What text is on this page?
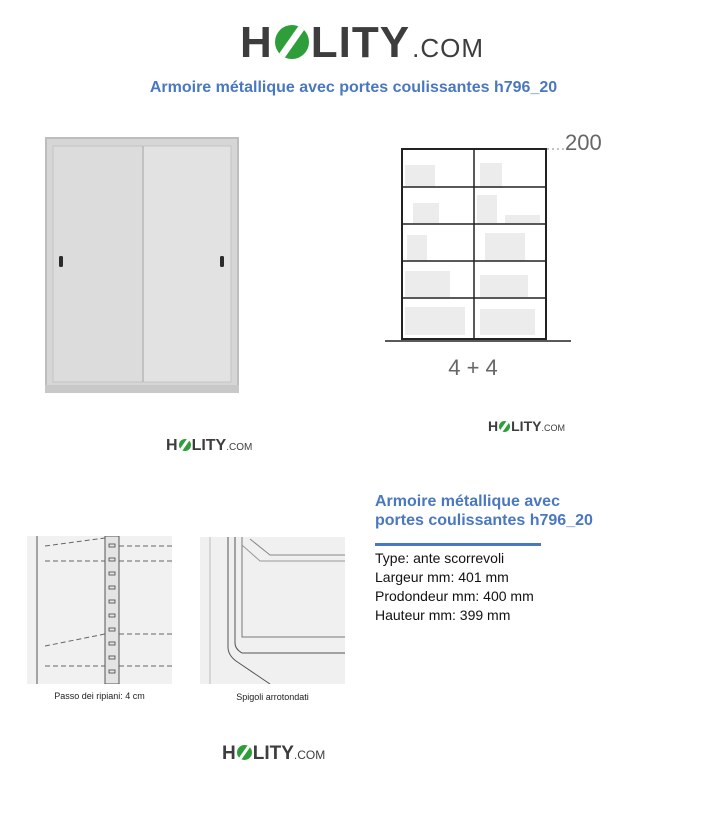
H LITY .COM
Armoire métallique avec portes coulissantes h796_20
200
4 + 4
H LITY .COM
H LITY .COM
Passo dei ripiani: 4 cm	Spigoli arrotondati
H LITY .COM
Armoire métallique avec
portes coulissantes h796_20
Type: ante scorrevoli
Largeur mm: 401 mm
Prodondeur mm: 400 mm
Hauteur mm: 399 mm
